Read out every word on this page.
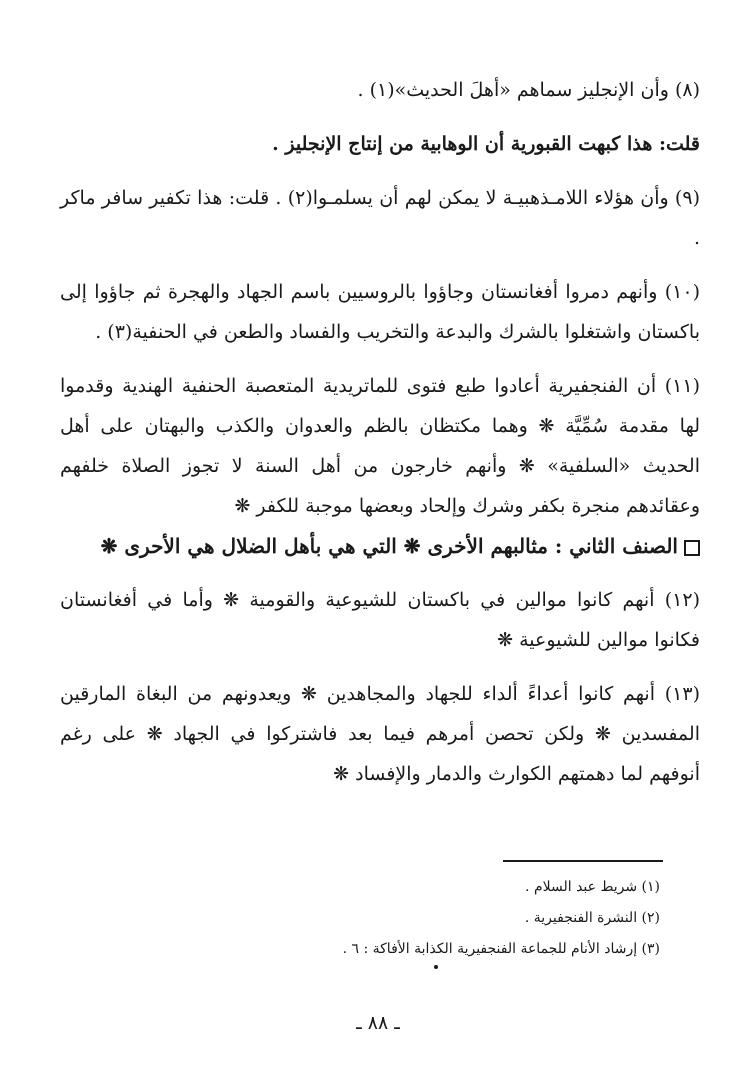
(٨) وأن الإنجليز سماهم «أهلَ الحديث»(١) .

قلت: هذا كبهت القبورية أن الوهابية من إنتاج الإنجليز .

(٩) وأن هؤلاء اللامـذهبيـة لا يمكن لهم أن يسلمـوا(٢) . قلت: هذا تكفير سافر ماكر .

(١٠) وأنهم دمروا أفغانستان وجاؤوا بالروسيين باسم الجهاد والهجرة ثم جاؤوا إلى باكستان واشتغلوا بالشرك والبدعة والتخريب والفساد والطعن في الحنفية(٣) .

(١١) أن الفنجفيرية أعادوا طبع فتوى للماتريدية المتعصبة الحنفية الهندية وقدموا لها مقدمة سُمِّيَّة ❋ وهما مكتظان بالظم والعدوان والكذب والبهتان على أهل الحديث «السلفية» ❋ وأنهم خارجون من أهل السنة لا تجوز الصلاة خلفهم وعقائدهم منجرة بكفر وشرك وإلحاد وبعضها موجبة للكفر ❋

الصنف الثاني : مثالبهم الأخرى ❋ التي هي بأهل الضلال هي الأحرى ❋

(١٢) أنهم كانوا موالين في باكستان للشيوعية والقومية ❋ وأما في أفغانستان فكانوا موالين للشيوعية ❋

(١٣) أنهم كانوا أعداءً ألداء للجهاد والمجاهدين ❋ ويعدونهم من البغاة المارقين المفسدين ❋ ولكن تحصن أمرهم فيما بعد فاشتركوا في الجهاد ❋ على رغم أنوفهم لما دهمتهم الكوارث والدمار والإفساد ❋

(١) شريط عبد السلام .

(٢) النشرة الفنجفيرية .

(٣) إرشاد الأنام للجماعة الفنجفيرية الكذابة الأفاكة : ٦ .

ـ ٨٨ ـ
